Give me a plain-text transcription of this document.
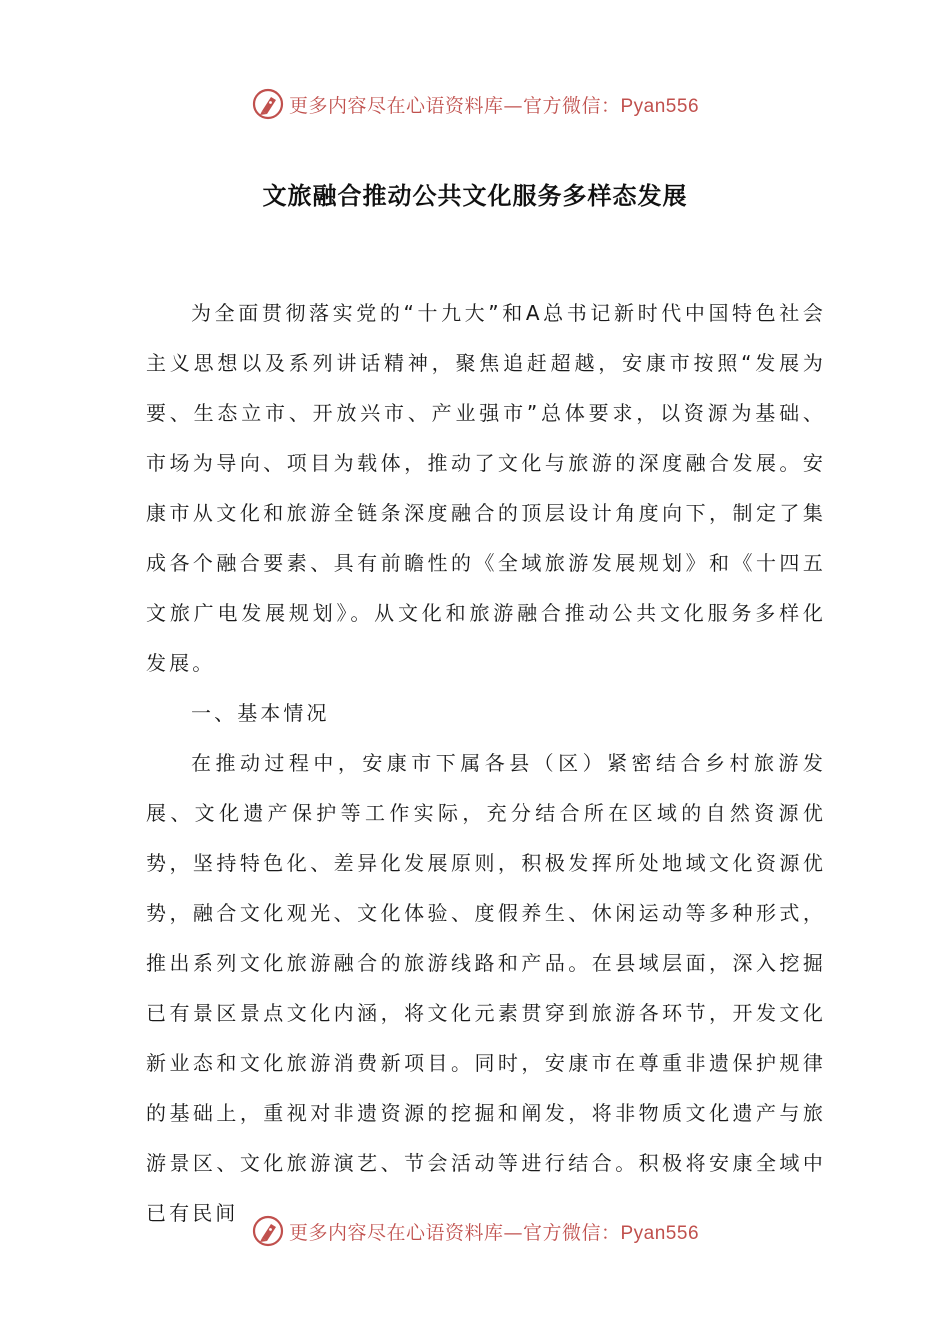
更多内容尽在心语资料库—官方微信：Pyan556
文旅融合推动公共文化服务多样态发展

为全面贯彻落实党的“十九大”和A总书记新时代中国特色社会主义思想以及系列讲话精神，聚焦追赶超越，安康市按照“发展为要、生态立市、开放兴市、产业强市”总体要求，以资源为基础、市场为导向、项目为载体，推动了文化与旅游的深度融合发展。安康市从文化和旅游全链条深度融合的顶层设计角度向下，制定了集成各个融合要素、具有前瞻性的《全域旅游发展规划》和《十四五文旅广电发展规划》。从文化和旅游融合推动公共文化服务多样化发展。

一、基本情况

在推动过程中，安康市下属各县（区）紧密结合乡村旅游发展、文化遗产保护等工作实际，充分结合所在区域的自然资源优势，坚持特色化、差异化发展原则，积极发挥所处地域文化资源优势，融合文化观光、文化体验、度假养生、休闲运动等多种形式，推出系列文化旅游融合的旅游线路和产品。在县域层面，深入挖掘已有景区景点文化内涵，将文化元素贯穿到旅游各环节，开发文化新业态和文化旅游消费新项目。同时，安康市在尊重非遗保护规律的基础上，重视对非遗资源的挖掘和阐发，将非物质文化遗产与旅游景区、文化旅游演艺、节会活动等进行结合。积极将安康全域中已有民间

更多内容尽在心语资料库—官方微信：Pyan556
